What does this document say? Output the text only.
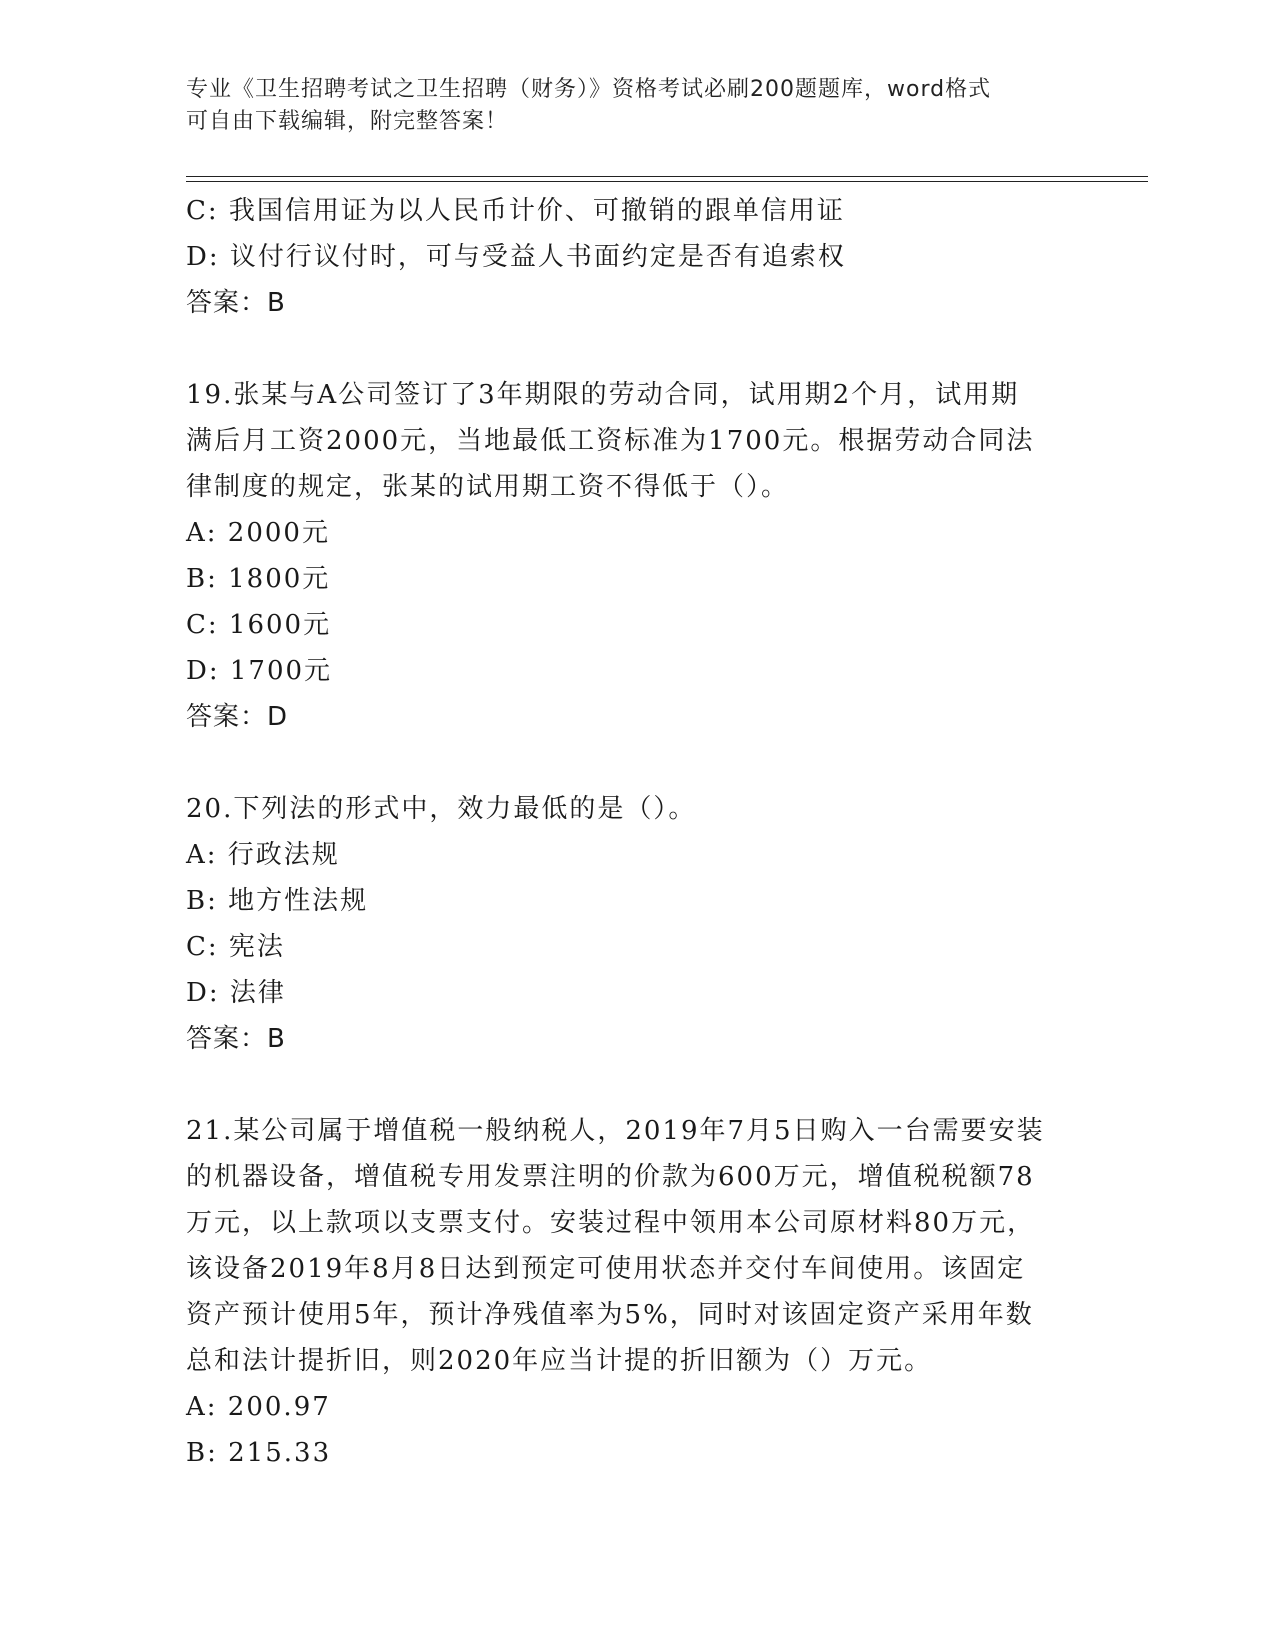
专业《卫生招聘考试之卫生招聘（财务）》资格考试必刷200题题库，word格式
可自由下载编辑，附完整答案！
C: 我国信用证为以人民币计价、可撤销的跟单信用证
D: 议付行议付时，可与受益人书面约定是否有追索权
答案：B
19.张某与A公司签订了3年期限的劳动合同，试用期2个月，试用期
满后月工资2000元，当地最低工资标准为1700元。根据劳动合同法
律制度的规定，张某的试用期工资不得低于（）。
A: 2000元
B: 1800元
C: 1600元
D: 1700元
答案：D
20.下列法的形式中，效力最低的是（）。
A: 行政法规
B: 地方性法规
C: 宪法
D: 法律
答案：B
21.某公司属于增值税一般纳税人，2019年7月5日购入一台需要安装
的机器设备，增值税专用发票注明的价款为600万元，增值税税额78
万元，以上款项以支票支付。安装过程中领用本公司原材料80万元，
该设备2019年8月8日达到预定可使用状态并交付车间使用。该固定
资产预计使用5年，预计净残值率为5%，同时对该固定资产采用年数
总和法计提折旧，则2020年应当计提的折旧额为（）万元。
A: 200.97
B: 215.33
